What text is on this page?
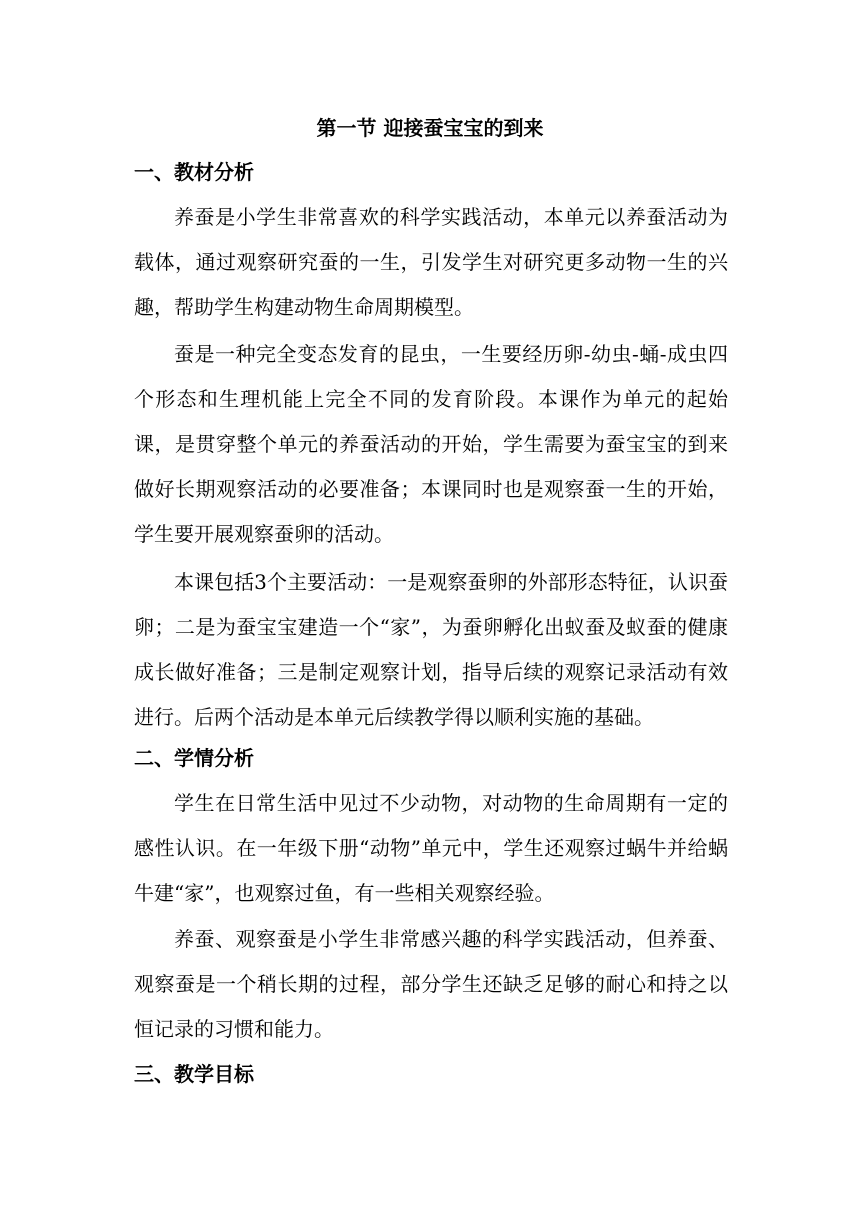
第一节 迎接蚕宝宝的到来
一、教材分析

养蚕是小学生非常喜欢的科学实践活动，本单元以养蚕活动为载体，通过观察研究蚕的一生，引发学生对研究更多动物一生的兴趣，帮助学生构建动物生命周期模型。

蚕是一种完全变态发育的昆虫，一生要经历卵-幼虫-蛹-成虫四个形态和生理机能上完全不同的发育阶段。本课作为单元的起始课，是贯穿整个单元的养蚕活动的开始，学生需要为蚕宝宝的到来做好长期观察活动的必要准备；本课同时也是观察蚕一生的开始，学生要开展观察蚕卵的活动。

本课包括3个主要活动：一是观察蚕卵的外部形态特征，认识蚕卵；二是为蚕宝宝建造一个“家”，为蚕卵孵化出蚁蚕及蚁蚕的健康成长做好准备；三是制定观察计划，指导后续的观察记录活动有效进行。后两个活动是本单元后续教学得以顺利实施的基础。

二、学情分析

学生在日常生活中见过不少动物，对动物的生命周期有一定的感性认识。在一年级下册“动物”单元中，学生还观察过蜗牛并给蜗牛建“家”，也观察过鱼，有一些相关观察经验。

养蚕、观察蚕是小学生非常感兴趣的科学实践活动，但养蚕、观察蚕是一个稍长期的过程，部分学生还缺乏足够的耐心和持之以恒记录的习惯和能力。

三、教学目标
